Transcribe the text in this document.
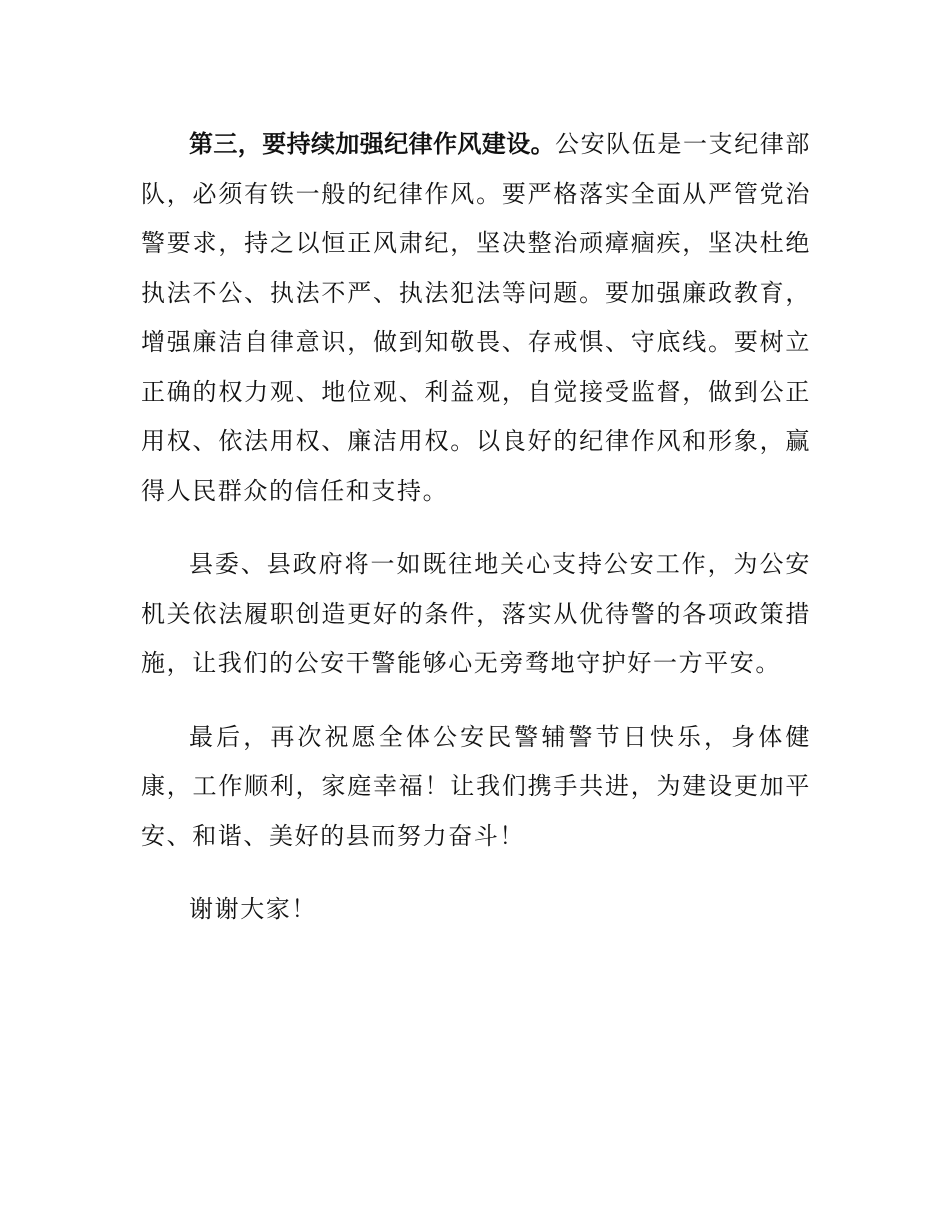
第三，要持续加强纪律作风建设。公安队伍是一支纪律部队，必须有铁一般的纪律作风。要严格落实全面从严管党治警要求，持之以恒正风肃纪，坚决整治顽瘴痼疾，坚决杜绝执法不公、执法不严、执法犯法等问题。要加强廉政教育，增强廉洁自律意识，做到知敬畏、存戒惧、守底线。要树立正确的权力观、地位观、利益观，自觉接受监督，做到公正用权、依法用权、廉洁用权。以良好的纪律作风和形象，赢得人民群众的信任和支持。

县委、县政府将一如既往地关心支持公安工作，为公安机关依法履职创造更好的条件，落实从优待警的各项政策措施，让我们的公安干警能够心无旁骛地守护好一方平安。

最后，再次祝愿全体公安民警辅警节日快乐，身体健康，工作顺利，家庭幸福！让我们携手共进，为建设更加平安、和谐、美好的县而努力奋斗！

谢谢大家！
